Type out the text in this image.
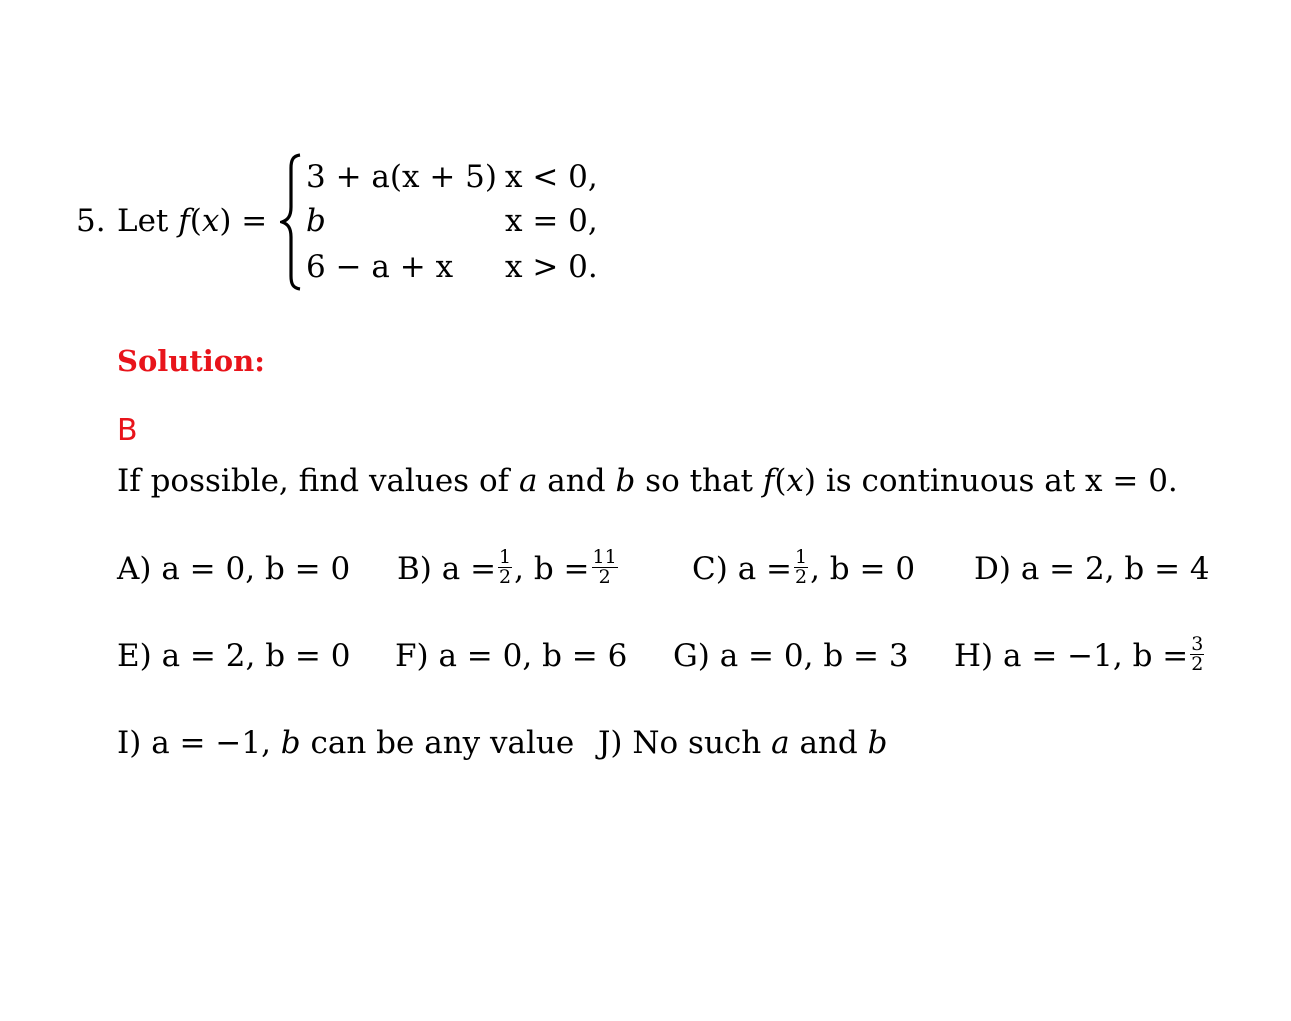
5. Let f(x) =
3 + a(x + 5) x < 0,
b	x = 0,
6 − a + x x > 0.
Solution:
B
If possible, find values of a and b so that f(x) is continuous at x = 0.
A) a = 0, b = 0 B) $a = \frac{1}{2}$ , $b = \frac{11}{2} C$) $a = \frac{1}{2}$ , b = 0 D) a = 2, b = 4
E) a = 2, b = 0 F) a = 0, b = 6 G) a = 0, b = 3 H) a = −1, $b = \frac{3}{2}$
I) a = −1, b can be any value J) No such a and b
